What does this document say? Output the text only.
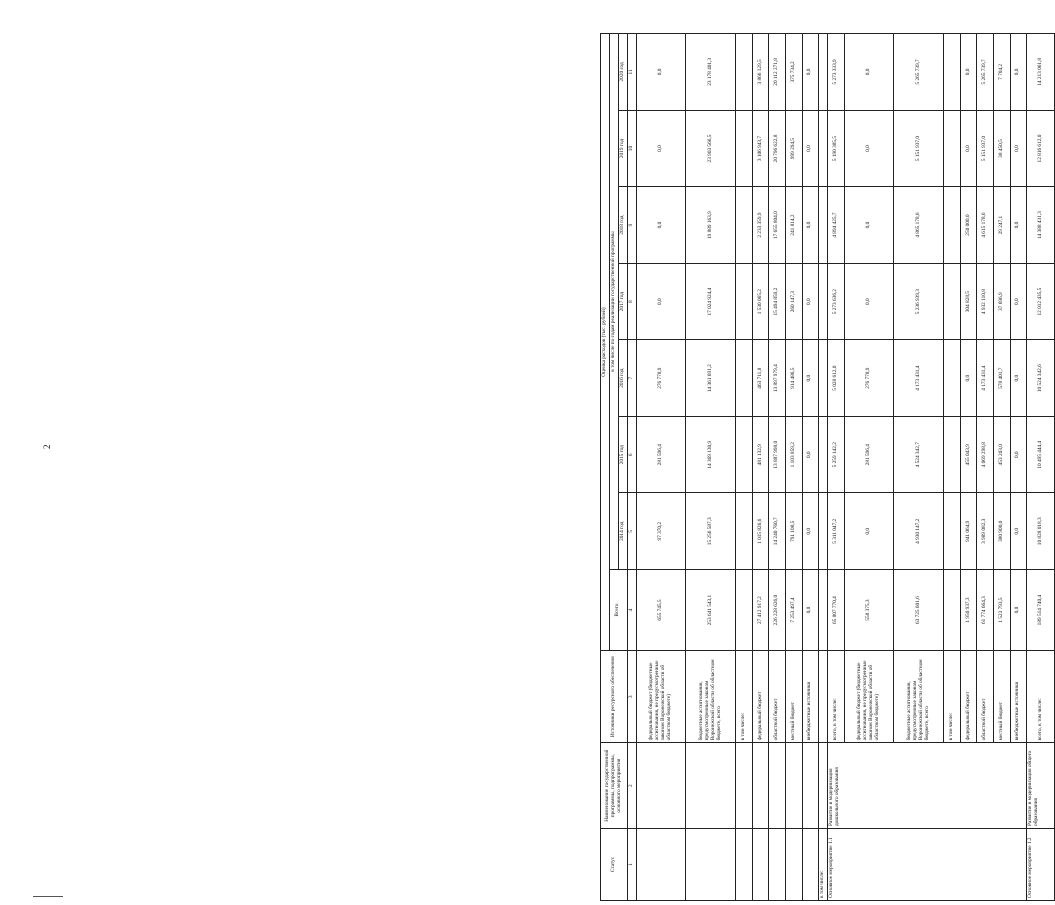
2
Статус	Наименование государственной программы, подпрограммы, основного мероприятия	Источники ресурсного обеспечения	Оценка расходов (тыс. рублей)							
			Всего	в том числе по годам реализации государственной программы						
				2014 год	2015 год	2016 год	2017 год	2018 год	2019 год	2020 год
1	2	3	4	5	6	7	8	9	10	11
		федеральный бюджет (бюджетные ассигнования, не предусмотренные законом Воронежской области об областном бюджете)	655 745,5	97 370,2	281 596,4	276 778,9	0,0	0,0	0,0	0,0
		бюджетные ассигнования, предусмотренные законом Воронежской области об областном бюджете, всего	253 641 543,1	15 256 587,3	14 369 130,9	14 361 691,2	17 024 924,4	19 889 163,9	23 903 566,5	23 178 401,3
		в том числе:								
		федеральный бюджет	27 412 917,2	1 015 826,6	481 132,9	463 711,8	1 530 065,2	2 233 359,9	3 106 943,7	3 866 129,5
		областной бюджет	226 228 626,0	14 240 760,7	13 887 998,0	13 897 979,4	15 494 859,2	17 655 804,0	20 796 622,8	20 112 271,8
		местный бюджет	7 253 497,4	791 108,5	1 103 859,2	914 486,5	260 147,3	241 814,2	999 294,5	375 734,2
		внебюджетные источники	0,0	0,0	0,0	0,0	0,0	0,0	0,0	0,0
в том числе:										
Основное мероприятие 1.1	Развитие и модернизация дошкольного образования	всего, в том числе:	65 807 770,4	5 311 047,2	5 259 142,2	5 028 612,0	5 273 636,2	4 894 425,7	5 190 385,5	5 273 333,9
		федеральный бюджет (бюджетные ассигнования, не предусмотренные законом Воронежской области об областном бюджете)	558 375,3	0,0	281 596,4	276 778,9	0,0	0,0	0,0	0,0
		бюджетные ассигнования, предусмотренные законом Воронежской области об областном бюджете, всего	63 725 601,6	4 930 147,2	4 524 342,7	4 173 431,4	5 236 939,3	4 865 178,6	5 151 937,0	5 265 739,7
		в том числе:								
		федеральный бюджет	1 950 937,3	941 064,9	455 043,9	0,0	304 828,5	250 000,0	0,0	0,0
		областной бюджет	61 774 664,3	3 989 082,3	4 069 298,8	4 173 431,4	4 932 110,8	4 615 178,6	5 151 937,0	5 265 739,7
		местный бюджет	1 523 793,5	380 900,0	453 203,0	578 401,7	37 696,9	29 247,1	38 450,5	7 704,2
		внебюджетные источники	0,0	0,0	0,0	0,0	0,0	0,0	0,0	0,0
Основное мероприятие 1.2	Развитие и модернизация общего образования	всего, в том числе:	189 514 740,4	10 828 018,3	10 495 444,4	10 524 342,6	12 012 435,5	14 388 431,3	12 816 612,0	14 213 061,8
